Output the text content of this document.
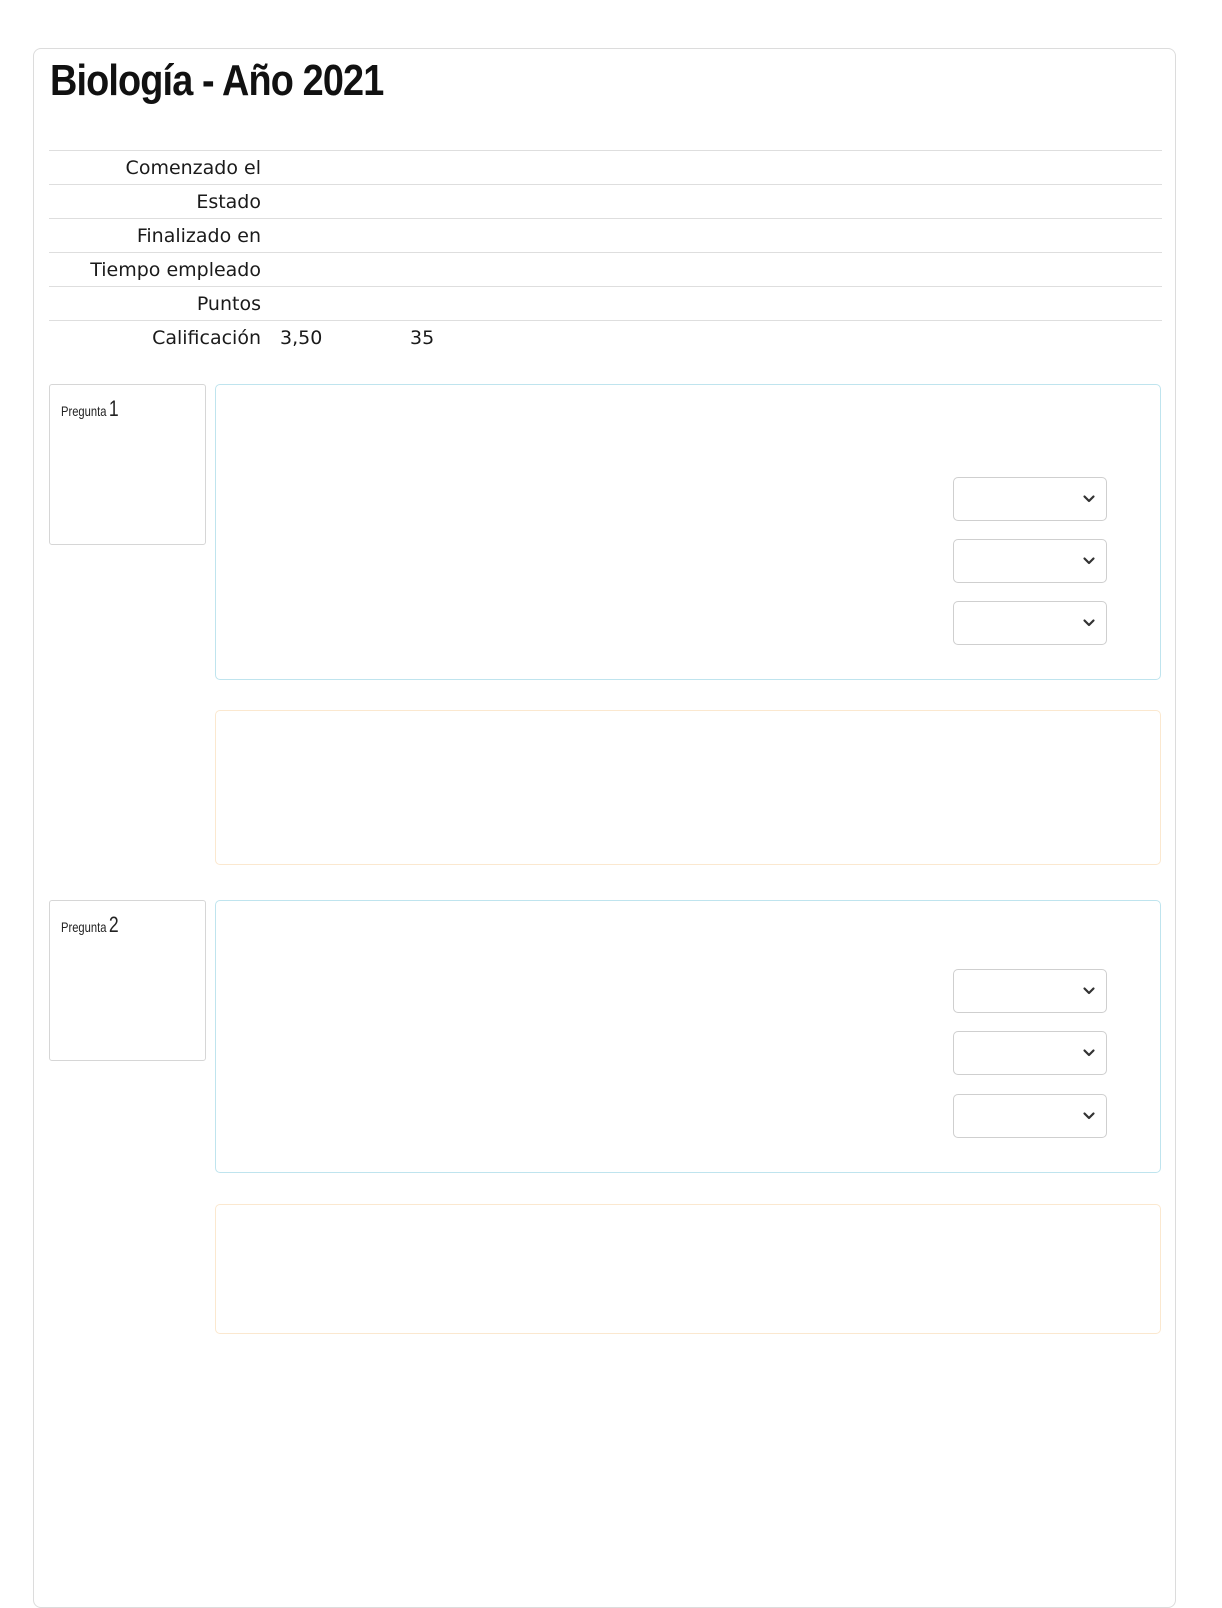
Biología - Año 2021
Comenzado el
Estado
Finalizado en
Tiempo empleado
Puntos
Calificación 3,50	35
Pregunta 1
Pregunta 2
